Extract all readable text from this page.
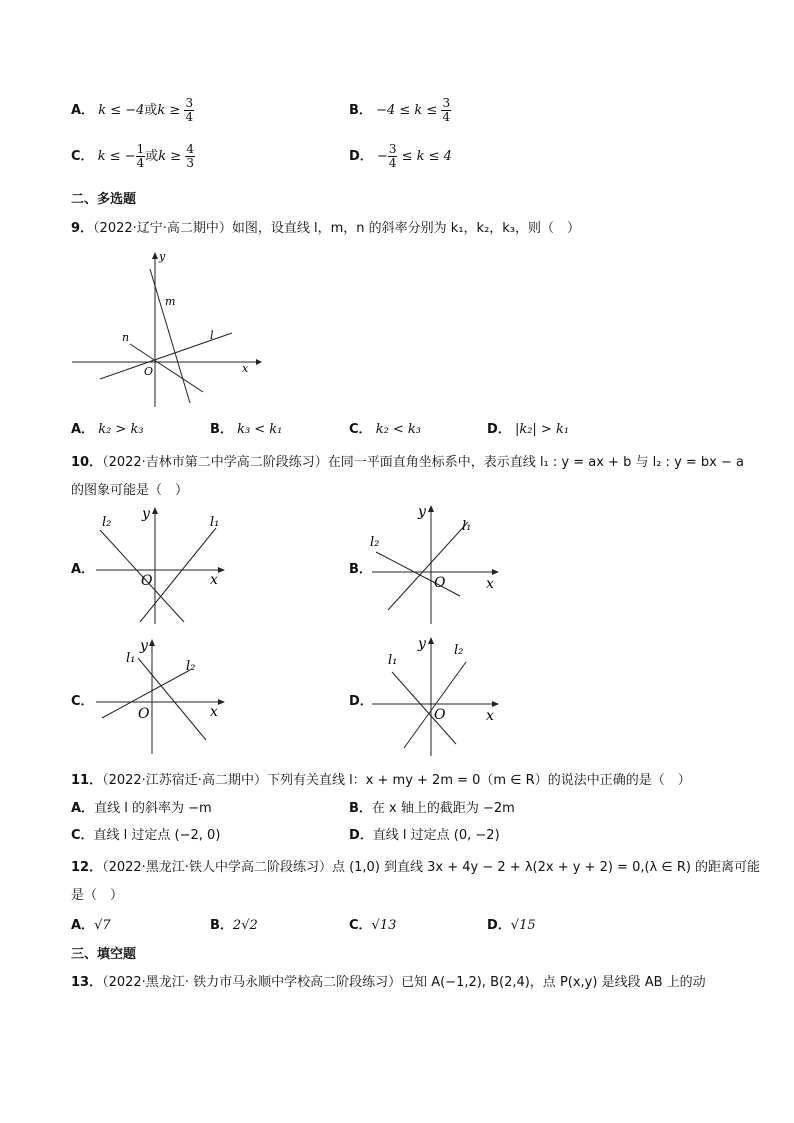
A． k ≤ −4或$k \ge \frac{3}{4}$	B． $-4 \le k \le \frac{3}{4}$
C． k ≤ − $\frac{1}{4}$ 或$k \ge \frac{4}{3}$	D． − $\frac{3}{4} \le k \le 4$
二、多选题
9．（2022·辽宁·高二期中）如图，设直线 l，m，n 的斜率分别为 k₁，k₂，k₃，则（　）
y
x
O
m
n	l
A． k₂ > k₃	B． k₃ < k₁	C． k₂ < k₃	D． |k₂| > k₁
10．（2022·吉林市第二中学高二阶段练习）在同一平面直角坐标系中，表示直线 l₁ : y = ax + b 与 l₂ : y = bx − a
的图象可能是（　）
A．
y
x
O
l₂	l₁
B．
y
x
O
l₂
l₁
C．
y
x
O
l₁
l₂
D．
y
x
O
l₁
l₂
11．（2022·江苏宿迁·高二期中）下列有关直线 l：x + my + 2m = 0（m ∈ R）的说法中正确的是（　）
A．直线 l 的斜率为 −m	B．在 x 轴上的截距为 −2m
C．直线 l 过定点 (−2, 0)	D．直线 l 过定点 (0, −2)
12．（2022·黑龙江·铁人中学高二阶段练习）点 (1,0) 到直线 3x + 4y − 2 + λ(2x + y + 2) = 0,(λ ∈ R) 的距离可能
是（　）
A．√7	B．2√2	C．√13	D．√15
三、填空题
13．（2022·黑龙江· 铁力市马永顺中学校高二阶段练习）已知 A(−1,2), B(2,4)，点 P(x,y) 是线段 AB 上的动
